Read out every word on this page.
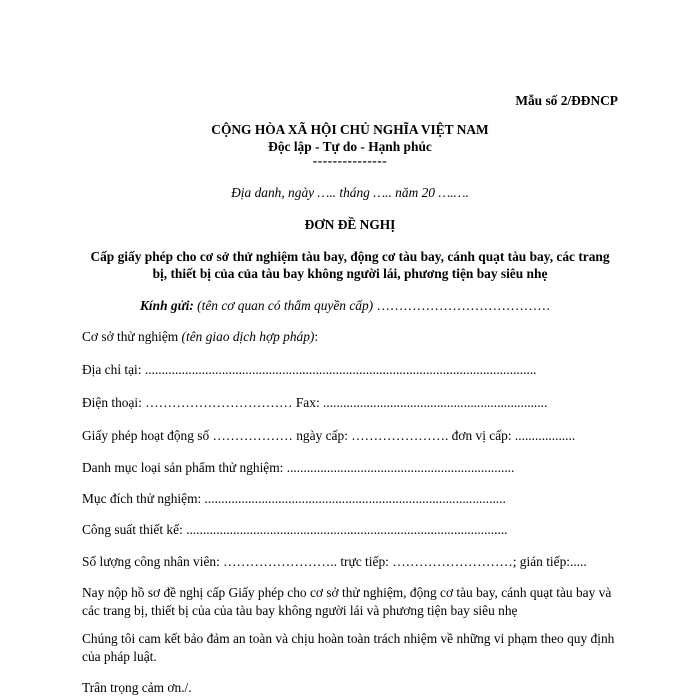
Mẫu số 2/ĐĐNCP
CỘNG HÒA XÃ HỘI CHỦ NGHĨA VIỆT NAM
Độc lập - Tự do - Hạnh phúc
---------------
Địa danh, ngày ….. tháng ….. năm 20 ….….
ĐƠN ĐỀ NGHỊ
Cấp giấy phép cho cơ sở thử nghiệm tàu bay, động cơ tàu bay, cánh quạt tàu bay, các trang bị, thiết bị của của tàu bay không người lái, phương tiện bay siêu nhẹ
Kính gửi: (tên cơ quan có thẩm quyền cấp) …………………………………
Cơ sở thử nghiệm (tên giao dịch hợp pháp):
Địa chỉ tại: .....................................................................................................................
Điện thoại: …………………………… Fax: ...................................................................
Giấy phép hoạt động số ……………… ngày cấp: …………………. đơn vị cấp: ..................
Danh mục loại sản phẩm thử nghiệm: ....................................................................
Mục đích thử nghiệm: ..........................................................................................
Công suất thiết kế: ................................................................................................
Số lượng công nhân viên: …………………….. trực tiếp: ………………………; gián tiếp:.....
Nay nộp hồ sơ đề nghị cấp Giấy phép cho cơ sở thử nghiệm, động cơ tàu bay, cánh quạt tàu bay và các trang bị, thiết bị của của tàu bay không người lái và phương tiện bay siêu nhẹ
Chúng tôi cam kết bảo đảm an toàn và chịu hoàn toàn trách nhiệm về những vi phạm theo quy định của pháp luật.
Trân trọng cảm ơn./.
